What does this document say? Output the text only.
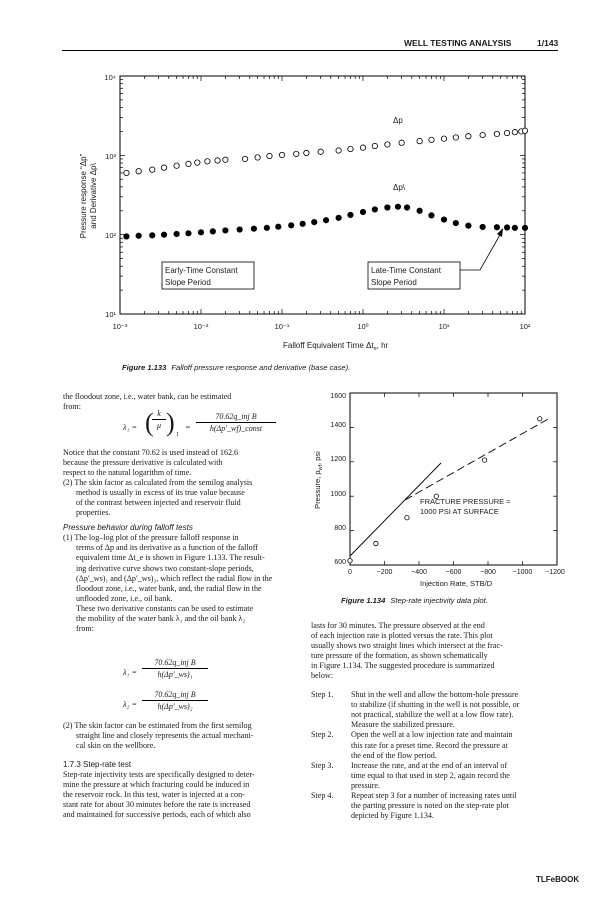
WELL TESTING ANALYSIS	1/143
10¹
10²
10³
10⁴
10⁻³	10⁻²	10⁻¹	10⁰	10¹	10²
Falloff Equivalent Time $\Delta t_e$, hr
Pressure response “Δp” and Derivative Δp\
Δp
Δp\
Early-Time Constant
Slope Period
Late-Time Constant
Slope Period
Figure 1.133 Falloff pressure response and derivative (base case).

the floodout zone, i.e., water bank, can be estimated
from:

λ₁ = ( k
μ ) 1
=
70.62q_inj B
h(Δp′_wf)_const

Notice that the constant 70.62 is used instead of 162.6
because the pressure derivative is calculated with
respect to the natural logarithm of time.

(2) The skin factor as calculated from the semilog analysis
method is usually in excess of its true value because
of the contrast between injected and reservoir fluid
properties.

Pressure behavior during falloff tests

(1) The log–log plot of the pressure falloff response in
terms of Δp and its derivative as a function of the falloff
equivalent time Δt_e is shown in Figure 1.133. The result-
ing derivative curve shows two constant-slope periods,
(Δp′_ws)₁ and (Δp′_ws)₂, which reflect the radial flow in the
floodout zone, i.e., water bank, and, the radial flow in the
unflooded zone, i.e., oil bank.
These two derivative constants can be used to estimate
the mobility of the water bank λ₁ and the oil bank λ₂
from:

λ₁ =
70.62q_inj B
h(Δp′_ws)₁
λ₂ =
70.62q_inj B
h(Δp′_ws)₂

(2) The skin factor can be estimated from the first semilog
straight line and closely represents the actual mechani-
cal skin on the wellbore.

1.7.3 Step-rate test

Step-rate injectivity tests are specifically designed to deter-
mine the pressure at which fracturing could be induced in
the reservoir rock. In this test, water is injected at a con-
stant rate for about 30 minutes before the rate is increased
and maintained for successive periods, each of which also

600
800
1000
1200
1400
1600
0	−200	−400	−600	−800 −1000 −1200
Injection Rate, STB/D
Pressure, $p_{wf}$, psi
FRACTURE PRESSURE ≈
1000 PSI AT SURFACE
Figure 1.134 Step-rate injectivity data plot.

lasts for 30 minutes. The pressure observed at the end
of each injection rate is plotted versus the rate. This plot
usually shows two straight lines which intersect at the frac-
ture pressure of the formation, as shown schematically
in Figure 1.134. The suggested procedure is summarized
below:

Step 1.	Shut in the well and allow the bottom-hole pressure
to stabilize (if shutting in the well is not possible, or
not practical, stabilize the well at a low flow rate).
Measure the stabilized pressure.
Step 2.	Open the well at a low injection rate and maintain
this rate for a preset time. Record the pressure at
the end of the flow period.
Step 3.	Increase the rate, and at the end of an interval of
time equal to that used in step 2, again record the
pressure.
Step 4.	Repeat step 3 for a number of increasing rates until
the parting pressure is noted on the step-rate plot
depicted by Figure 1.134.
TLFeBOOK
